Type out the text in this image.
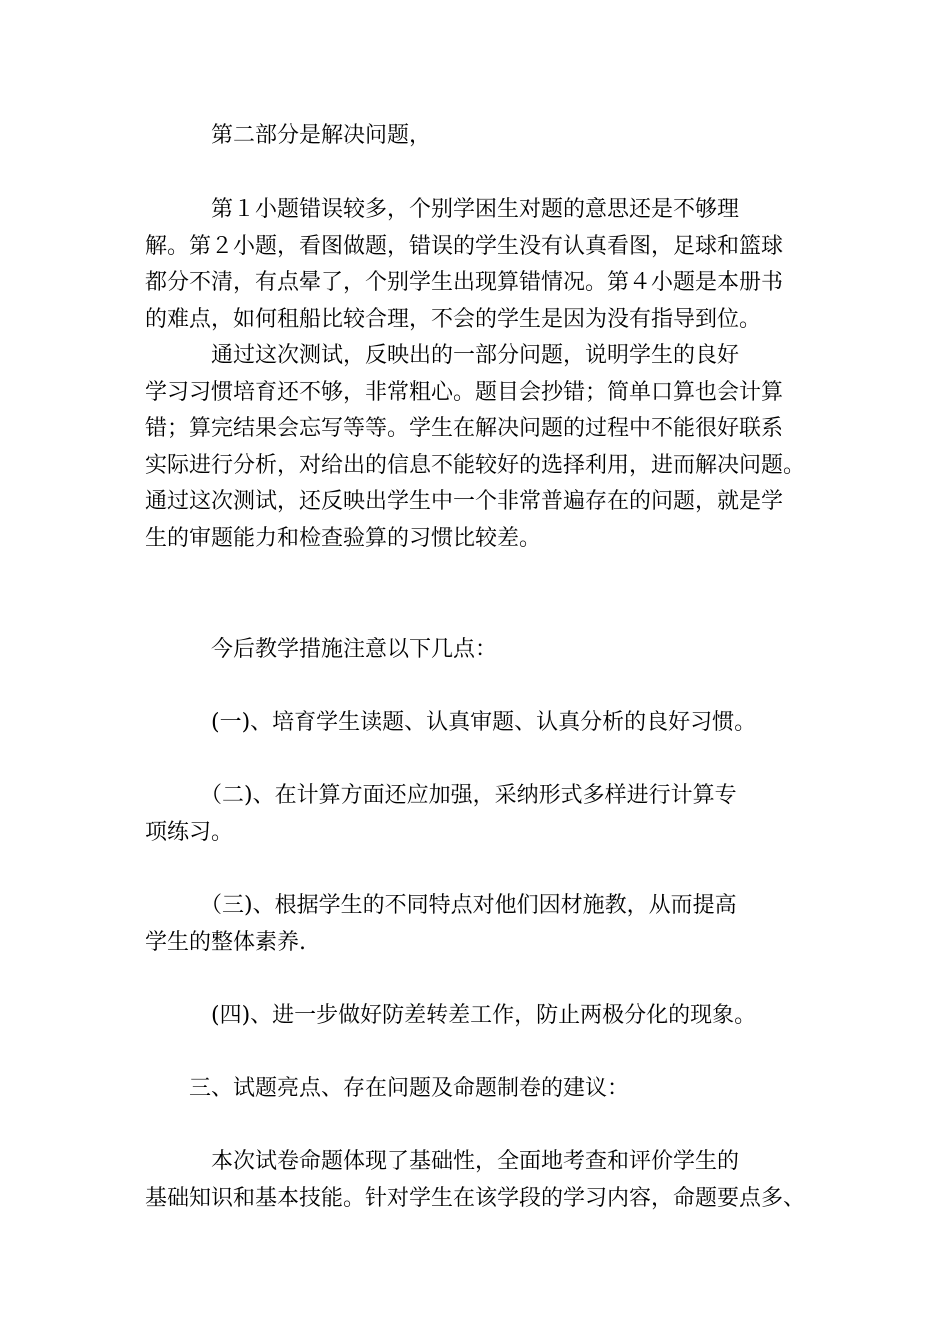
　　　第二部分是解决问题，
　　　第１小题错误较多，个别学困生对题的意思还是不够理
解。第２小题，看图做题，错误的学生没有认真看图，足球和篮球
都分不清，有点晕了，个别学生出现算错情况。第４小题是本册书
的难点，如何租船比较合理，不会的学生是因为没有指导到位。
　　　通过这次测试，反映出的一部分问题，说明学生的良好
学习习惯培育还不够，非常粗心。题目会抄错；简单口算也会计算
错；算完结果会忘写等等。学生在解决问题的过程中不能很好联系
实际进行分析，对给出的信息不能较好的选择利用，进而解决问题。
通过这次测试，还反映出学生中一个非常普遍存在的问题，就是学
生的审题能力和检查验算的习惯比较差。
　　　今后教学措施注意以下几点：
　　　(一)、培育学生读题、认真审题、认真分析的良好习惯。
　　　（二)、在计算方面还应加强，采纳形式多样进行计算专
项练习。
　　　（三)、根据学生的不同特点对他们因材施教，从而提高
学生的整体素养.
　　　(四)、进一步做好防差转差工作，防止两极分化的现象。
　　三、试题亮点、存在问题及命题制卷的建议：
　　　本次试卷命题体现了基础性，全面地考查和评价学生的
基础知识和基本技能。针对学生在该学段的学习内容，命题要点多、
